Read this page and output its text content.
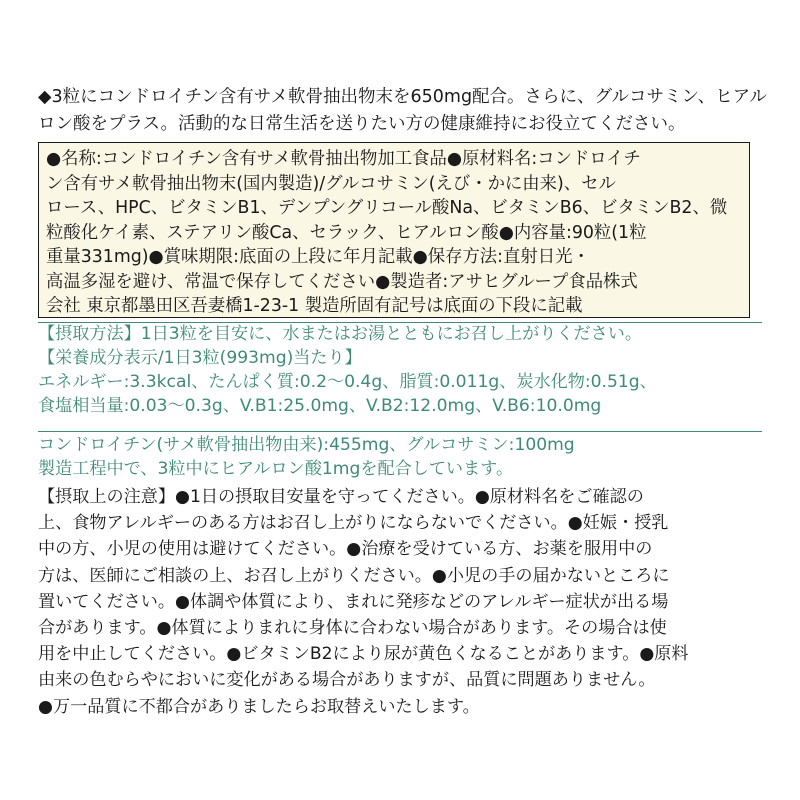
◆3粒にコンドロイチン含有サメ軟骨抽出物末を650mg配合。さらに、グルコサミン、ヒアル

ロン酸をプラス。活動的な日常生活を送りたい方の健康維持にお役立てください。

●名称:コンドロイチン含有サメ軟骨抽出物加工食品●原材料名:コンドロイチ

ン含有サメ軟骨抽出物末(国内製造)/グルコサミン(えび・かに由来)、セル

ロース、HPC、ビタミンB1、デンプングリコール酸Na、ビタミンB6、ビタミンB2、微

粒酸化ケイ素、ステアリン酸Ca、セラック、ヒアルロン酸●内容量:90粒(1粒

重量331mg)●賞味期限:底面の上段に年月記載●保存方法:直射日光・

高温多湿を避け、常温で保存してください●製造者:アサヒグループ食品株式

会社 東京都墨田区吾妻橋1-23-1 製造所固有記号は底面の下段に記載

【摂取方法】1日3粒を目安に、水またはお湯とともにお召し上がりください。

【栄養成分表示/1日3粒(993mg)当たり】

エネルギー:3.3kcal、たんぱく質:0.2～0.4g、脂質:0.011g、炭水化物:0.51g、

食塩相当量:0.03～0.3g、V.B1:25.0mg、V.B2:12.0mg、V.B6:10.0mg

コンドロイチン(サメ軟骨抽出物由来):455mg、グルコサミン:100mg

製造工程中で、3粒中にヒアルロン酸1mgを配合しています。

【摂取上の注意】●1日の摂取目安量を守ってください。●原材料名をご確認の

上、食物アレルギーのある方はお召し上がりにならないでください。●妊娠・授乳

中の方、小児の使用は避けてください。●治療を受けている方、お薬を服用中の

方は、医師にご相談の上、お召し上がりください。●小児の手の届かないところに

置いてください。●体調や体質により、まれに発疹などのアレルギー症状が出る場

合があります。●体質によりまれに身体に合わない場合があります。その場合は使

用を中止してください。●ビタミンB2により尿が黄色くなることがあります。●原料

由来の色むらやにおいに変化がある場合がありますが、品質に問題ありません。

●万一品質に不都合がありましたらお取替えいたします。
